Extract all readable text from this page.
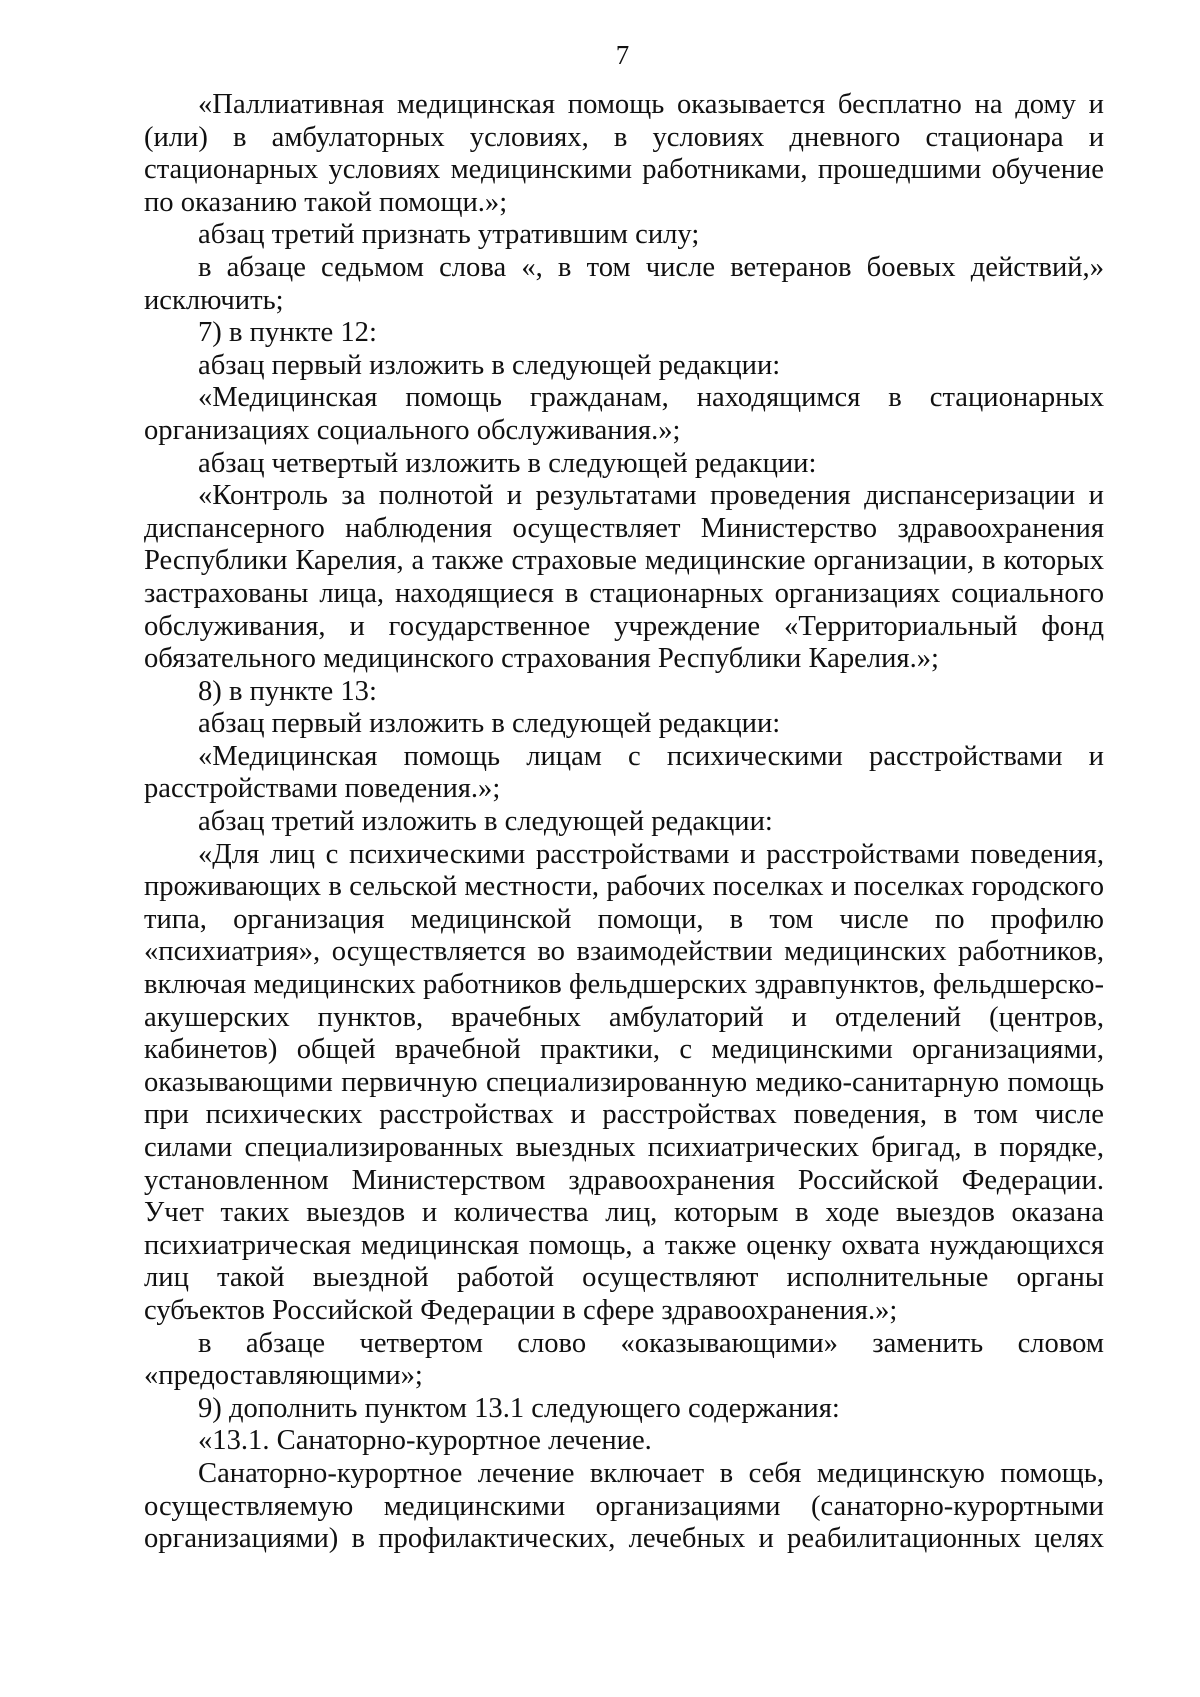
7

«Паллиативная медицинская помощь оказывается бесплатно на дому и (или) в амбулаторных условиях, в условиях дневного стационара и стационарных условиях медицинскими работниками, прошедшими обучение по оказанию такой помощи.»;

абзац третий признать утратившим силу;

в абзаце седьмом слова «, в том числе ветеранов боевых действий,» исключить;

7) в пункте 12:

абзац первый изложить в следующей редакции:

«Медицинская помощь гражданам, находящимся в стационарных организациях социального обслуживания.»;

абзац четвертый изложить в следующей редакции:

«Контроль за полнотой и результатами проведения диспансеризации и диспансерного наблюдения осуществляет Министерство здравоохранения Республики Карелия, а также страховые медицинские организации, в которых застрахованы лица, находящиеся в стационарных организациях социального обслуживания, и государственное учреждение «Территориальный фонд обязательного медицинского страхования Республики Карелия.»;

8) в пункте 13:

абзац первый изложить в следующей редакции:

«Медицинская помощь лицам с психическими расстройствами и расстройствами поведения.»;

абзац третий изложить в следующей редакции:

«Для лиц с психическими расстройствами и расстройствами поведения, проживающих в сельской местности, рабочих поселках и поселках городского типа, организация медицинской помощи, в том числе по профилю «психиатрия», осуществляется во взаимодействии медицинских работников, включая медицинских работников фельдшерских здравпунктов, фельдшерско-акушерских пунктов, врачебных амбулаторий и отделений (центров, кабинетов) общей врачебной практики, с медицинскими организациями, оказывающими первичную специализированную медико-санитарную помощь при психических расстройствах и расстройствах поведения, в том числе силами специализированных выездных психиатрических бригад, в порядке, установленном Министерством здравоохранения Российской Федерации. Учет таких выездов и количества лиц, которым в ходе выездов оказана психиатрическая медицинская помощь, а также оценку охвата нуждающихся лиц такой выездной работой осуществляют исполнительные органы субъектов Российской Федерации в сфере здравоохранения.»;

в абзаце четвертом слово «оказывающими» заменить словом «предоставляющими»;

9) дополнить пунктом 13.1 следующего содержания:

«13.1. Санаторно-курортное лечение.

Санаторно-курортное лечение включает в себя медицинскую помощь, осуществляемую медицинскими организациями (санаторно-курортными организациями) в профилактических, лечебных и реабилитационных целях
